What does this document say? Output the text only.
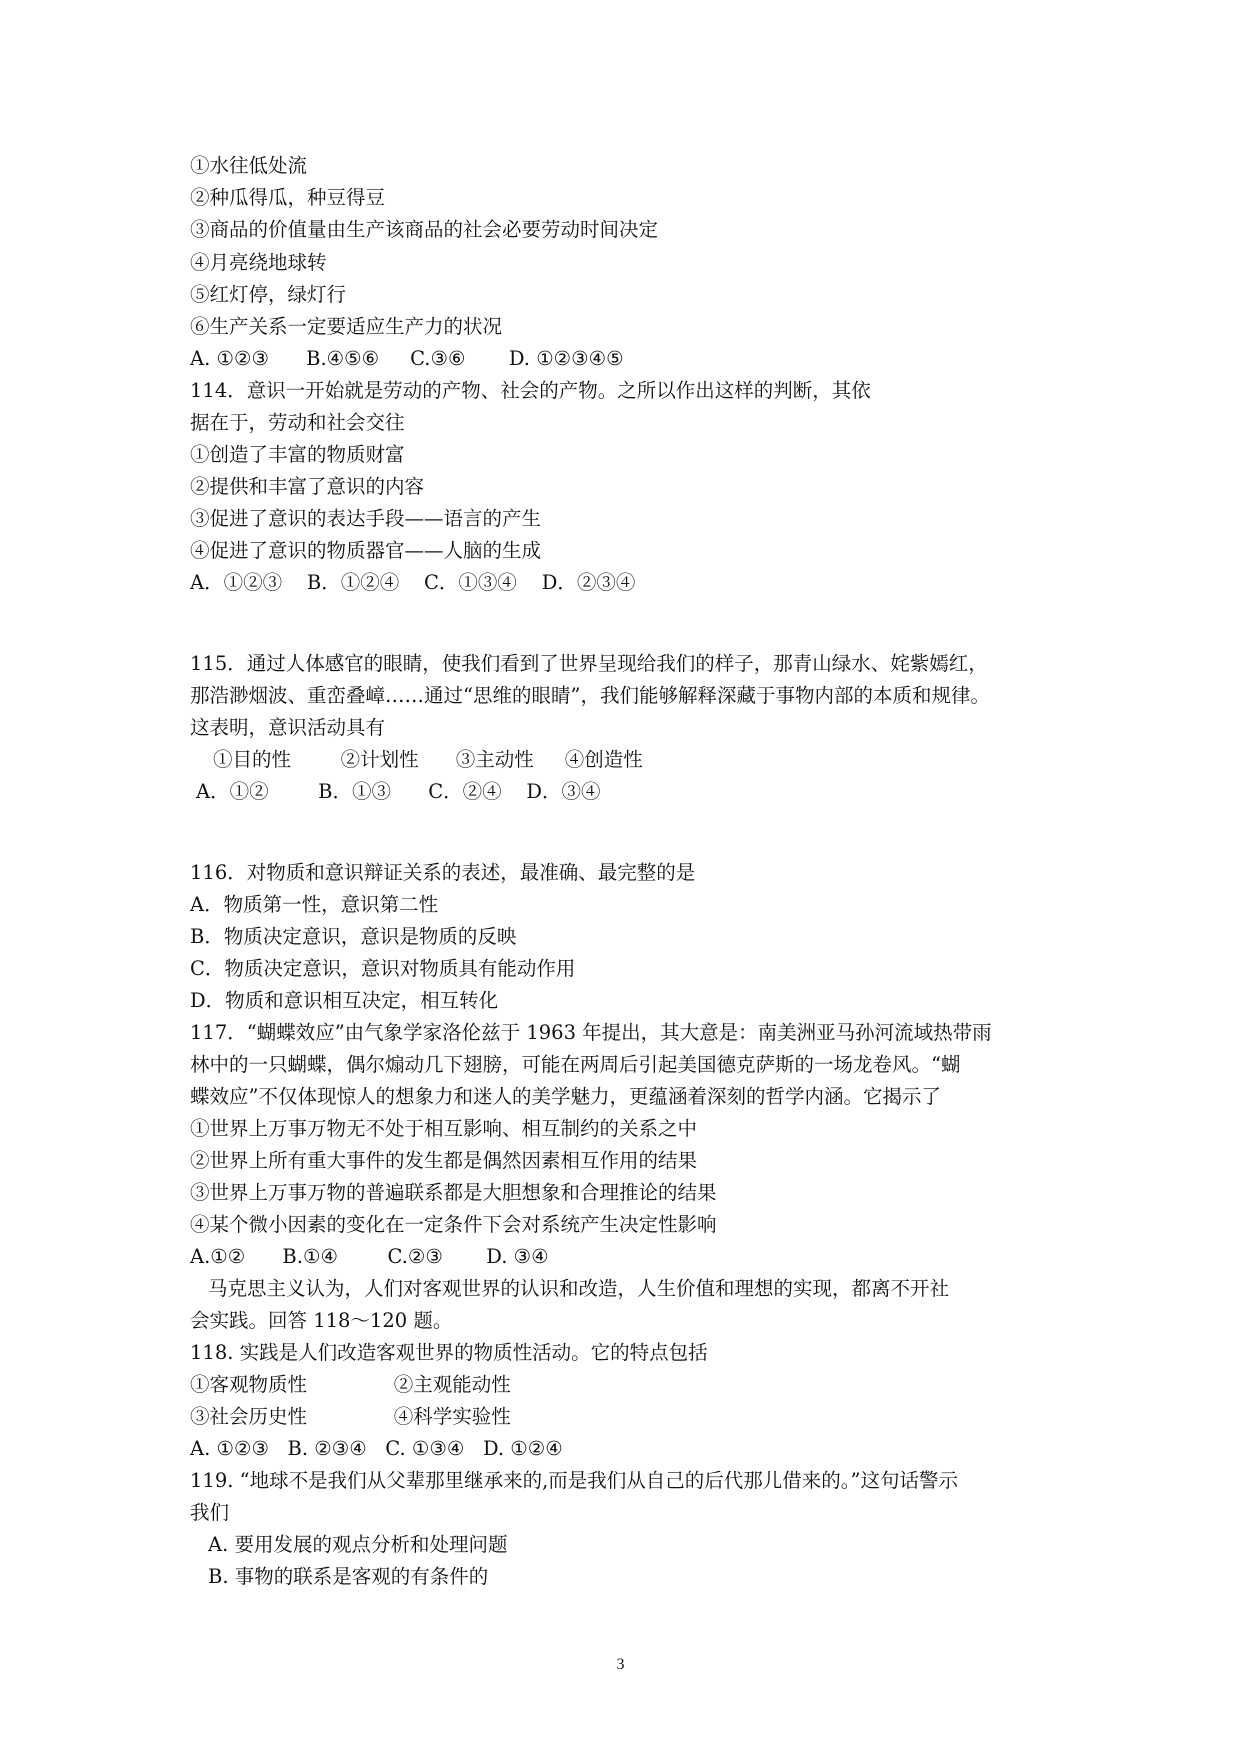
①水往低处流
②种瓜得瓜，种豆得豆
③商品的价值量由生产该商品的社会必要劳动时间决定
④月亮绕地球转
⑤红灯停，绿灯行
⑥生产关系一定要适应生产力的状况
A. ①②③      B.④⑤⑥     C.③⑥       D. ①②③④⑤
114．意识一开始就是劳动的产物、社会的产物。之所以作出这样的判断，其依
据在于，劳动和社会交往
①创造了丰富的物质财富
②提供和丰富了意识的内容
③促进了意识的表达手段——语言的产生
④促进了意识的物质器官——人脑的生成
A．①②③    B．①②④    C．①③④    D．②③④
115．通过人体感官的眼睛，使我们看到了世界呈现给我们的样子，那青山绿水、姹紫嫣红，
那浩渺烟波、重峦叠嶂……通过“思维的眼睛”，我们能够解释深藏于事物内部的本质和规律。
这表明，意识活动具有
①目的性        ②计划性      ③主动性     ④创造性
A．①②        B．①③      C．②④    D．③④
116．对物质和意识辩证关系的表述，最准确、最完整的是
A．物质第一性，意识第二性
B．物质决定意识，意识是物质的反映
C．物质决定意识，意识对物质具有能动作用
D．物质和意识相互决定，相互转化
117．“蝴蝶效应”由气象学家洛伦兹于 1963 年提出，其大意是：南美洲亚马孙河流域热带雨
林中的一只蝴蝶，偶尔煽动几下翅膀，可能在两周后引起美国德克萨斯的一场龙卷风。“蝴
蝶效应”不仅体现惊人的想象力和迷人的美学魅力，更蕴涵着深刻的哲学内涵。它揭示了
①世界上万事万物无不处于相互影响、相互制约的关系之中
②世界上所有重大事件的发生都是偶然因素相互作用的结果
③世界上万事万物的普遍联系都是大胆想象和合理推论的结果
④某个微小因素的变化在一定条件下会对系统产生决定性影响
A.①②      B.①④        C.②③       D. ③④
马克思主义认为，人们对客观世界的认识和改造，人生价值和理想的实现，都离不开社
会实践。回答 118～120 题。
118. 实践是人们改造客观世界的物质性活动。它的特点包括
①客观物质性              ②主观能动性
③社会历史性              ④科学实验性
A. ①②③   B. ②③④   C. ①③④   D. ①②④
119. “地球不是我们从父辈那里继承来的,而是我们从自己的后代那儿借来的。”这句话警示
我们
A. 要用发展的观点分析和处理问题
B. 事物的联系是客观的有条件的
3
